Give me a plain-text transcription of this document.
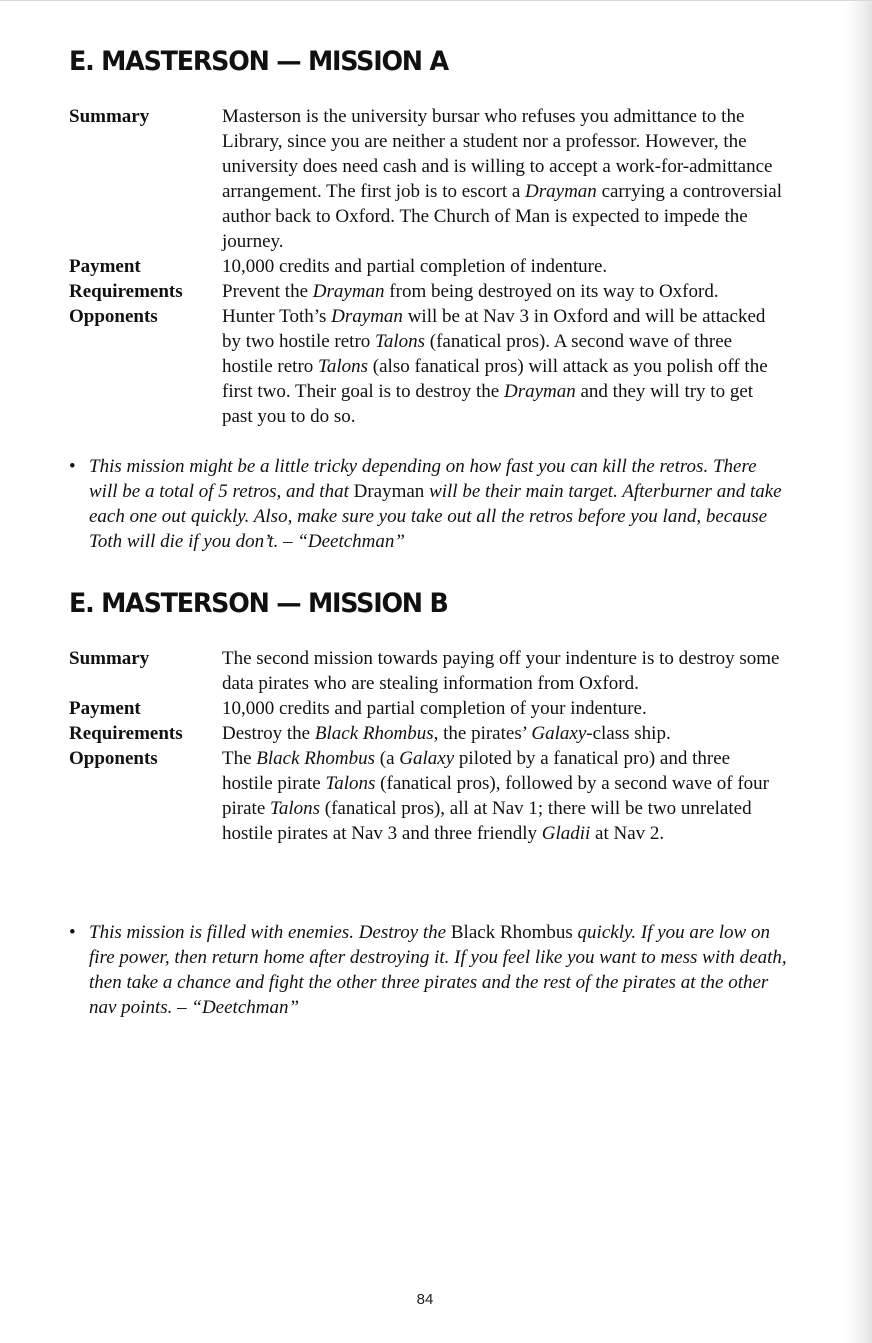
E. MASTERSON — MISSION A
Summary	Masterson is the university bursar who refuses you admittance to the Library, since you are neither a student nor a professor. However, the university does need cash and is willing to accept a work-for-admittance arrangement. The first job is to escort a Drayman carrying a controversial author back to Oxford. The Church of Man is expected to impede the journey.
Payment	10,000 credits and partial completion of indenture.
Requirements	Prevent the Drayman from being destroyed on its way to Oxford.
Opponents	Hunter Toth’s Drayman will be at Nav 3 in Oxford and will be attacked by two hostile retro Talons (fanatical pros). A second wave of three hostile retro Talons (also fanatical pros) will attack as you polish off the first two. Their goal is to destroy the Drayman and they will try to get past you to do so.
• This mission might be a little tricky depending on how fast you can kill the retros. There will be a total of 5 retros, and that Drayman will be their main target. Afterburner and take each one out quickly. Also, make sure you take out all the retros before you land, because Toth will die if you don’t. – “Deetchman”
E. MASTERSON — MISSION B
Summary	The second mission towards paying off your indenture is to destroy some data pirates who are stealing information from Oxford.
Payment	10,000 credits and partial completion of your indenture.
Requirements	Destroy the Black Rhombus, the pirates’ Galaxy-class ship.
Opponents	The Black Rhombus (a Galaxy piloted by a fanatical pro) and three hostile pirate Talons (fanatical pros), followed by a second wave of four pirate Talons (fanatical pros), all at Nav 1; there will be two unrelated hostile pirates at Nav 3 and three friendly Gladii at Nav 2.
• This mission is filled with enemies. Destroy the Black Rhombus quickly. If you are low on fire power, then return home after destroying it. If you feel like you want to mess with death, then take a chance and fight the other three pirates and the rest of the pirates at the other nav points. – “Deetchman”
84
